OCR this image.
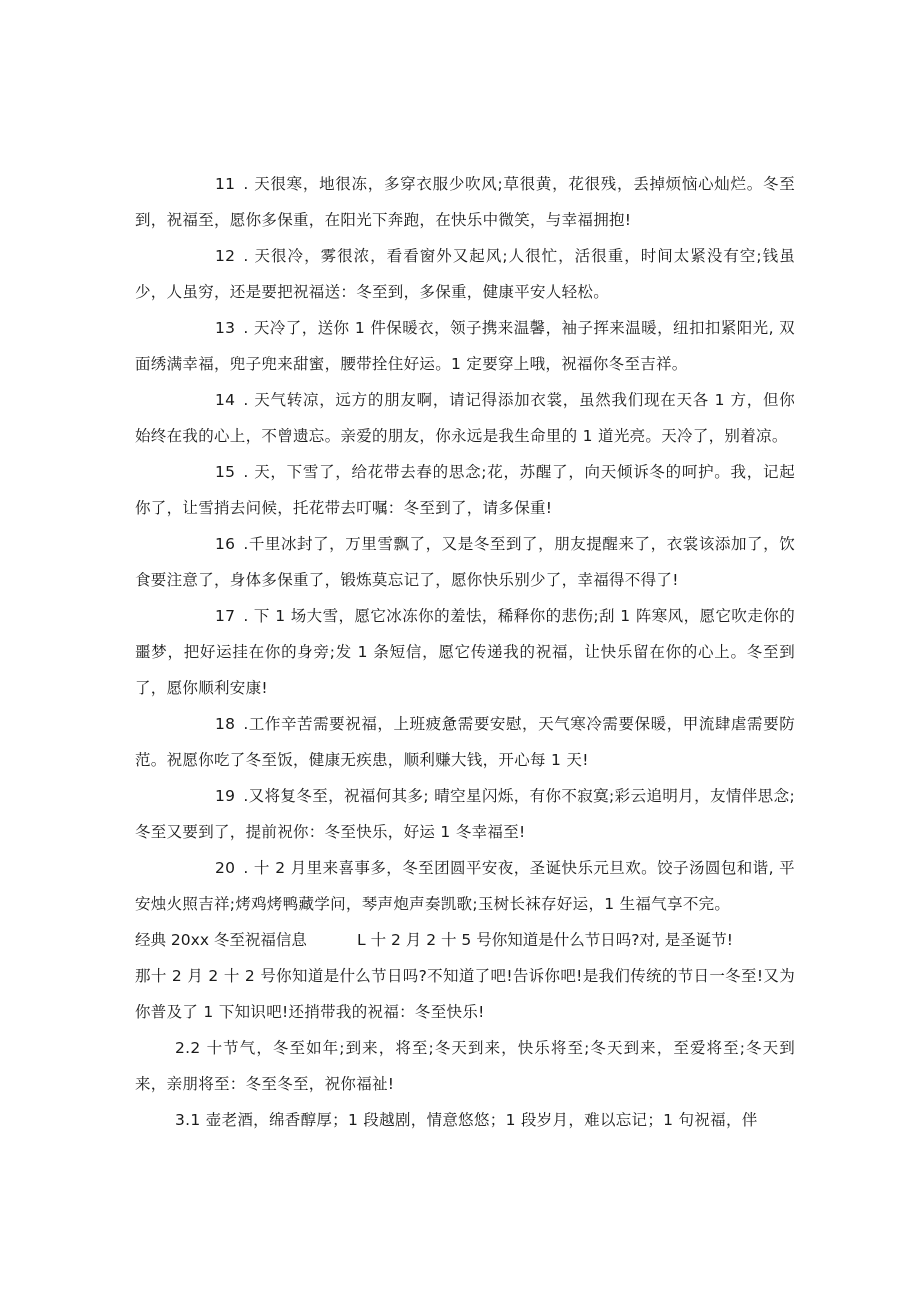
11 . 天很寒，地很冻，多穿衣服少吹风;草很黄，花很残，丢掉烦恼心灿烂。冬至到，祝福至，愿你多保重，在阳光下奔跑，在快乐中微笑，与幸福拥抱!

12 . 天很冷，雾很浓，看看窗外又起风;人很忙，活很重，时间太紧没有空;钱虽少，人虽穷，还是要把祝福送：冬至到，多保重，健康平安人轻松。

13 . 天冷了，送你 1 件保暖衣，领子携来温馨，袖子挥来温暖，纽扣扣紧阳光, 双面绣满幸福，兜子兜来甜蜜，腰带拴住好运。1 定要穿上哦，祝福你冬至吉祥。

14 . 天气转凉，远方的朋友啊，请记得添加衣裳，虽然我们现在天各 1 方，但你始终在我的心上，不曾遗忘。亲爱的朋友，你永远是我生命里的 1 道光亮。天冷了，别着凉。

15 . 天，下雪了，给花带去春的思念;花，苏醒了，向天倾诉冬的呵护。我，记起你了，让雪捎去问候，托花带去叮嘱：冬至到了，请多保重!

16 .千里冰封了，万里雪飘了，又是冬至到了，朋友提醒来了，衣裳该添加了，饮食要注意了，身体多保重了，锻炼莫忘记了，愿你快乐别少了，幸福得不得了!

17 . 下 1 场大雪，愿它冰冻你的羞怯，稀释你的悲伤;刮 1 阵寒风，愿它吹走你的噩梦，把好运挂在你的身旁;发 1 条短信，愿它传递我的祝福，让快乐留在你的心上。冬至到了，愿你顺利安康!

18 .工作辛苦需要祝福，上班疲惫需要安慰，天气寒冷需要保暖，甲流肆虐需要防范。祝愿你吃了冬至饭，健康无疾患，顺利赚大钱，开心每 1 天!

19 .又将复冬至，祝福何其多; 晴空星闪烁，有你不寂寞;彩云追明月，友情伴思念;冬至又要到了，提前祝你：冬至快乐，好运 1 冬幸福至!

20 . 十 2 月里来喜事多，冬至团圆平安夜，圣诞快乐元旦欢。饺子汤圆包和谐, 平安烛火照吉祥;烤鸡烤鸭藏学问，琴声炮声奏凯歌;玉树长袜存好运，1 生福气享不完。

经典 20xx 冬至祝福信息	L 十 2 月 2 十 5 号你知道是什么节日吗?对, 是圣诞节!

那十 2 月 2 十 2 号你知道是什么节日吗?不知道了吧!告诉你吧!是我们传统的节日一冬至!又为你普及了 1 下知识吧!还捎带我的祝福：冬至快乐!

2.2 十节气，冬至如年;到来，将至;冬天到来，快乐将至;冬天到来，至爱将至;冬天到来，亲朋将至：冬至冬至，祝你福祉!

3.1 壶老酒，绵香醇厚；1 段越剧，情意悠悠；1 段岁月，难以忘记；1 句祝福，伴
